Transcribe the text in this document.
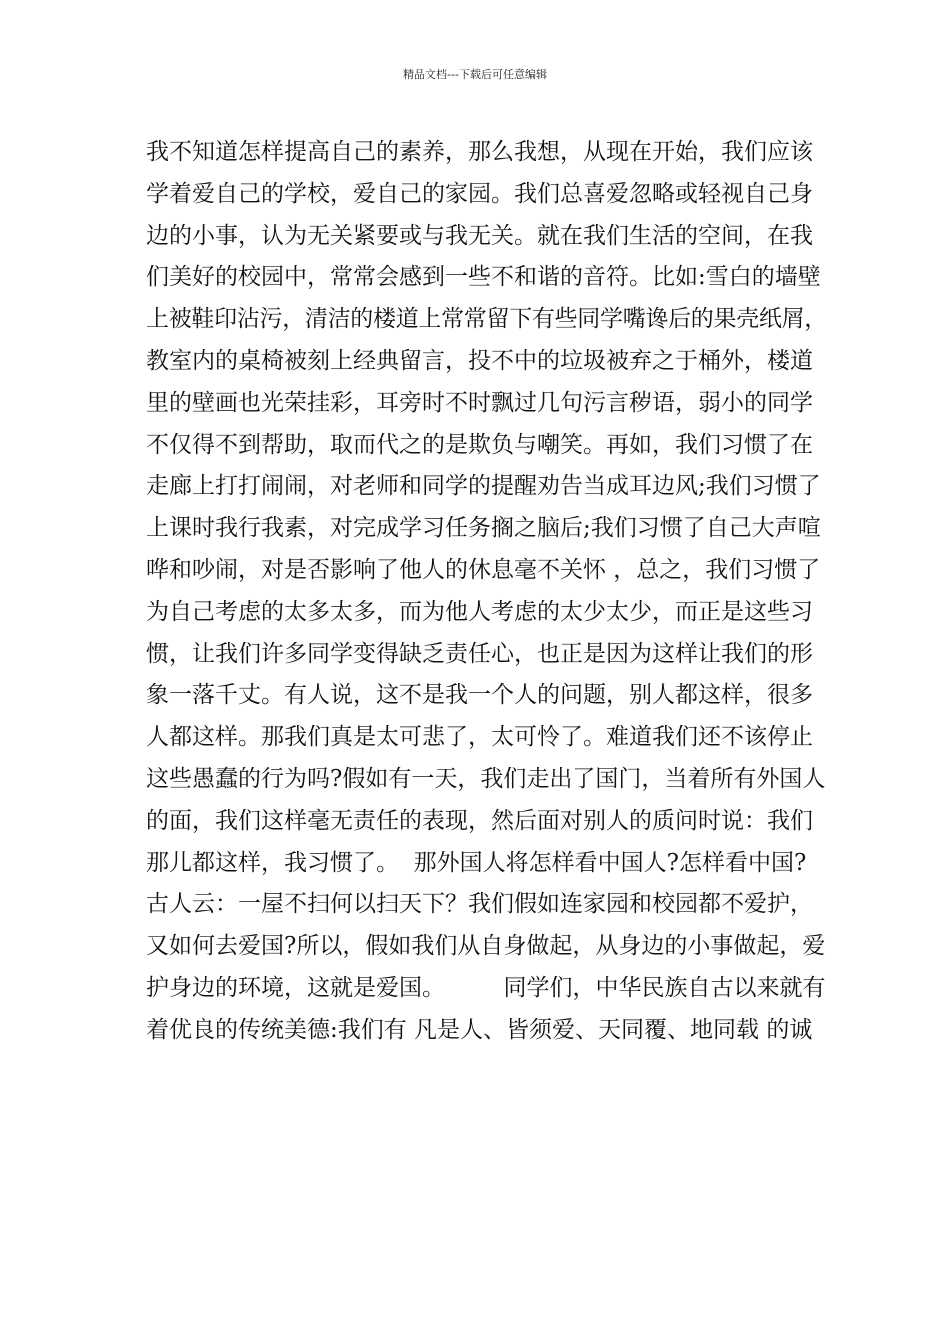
精品文档---下载后可任意编辑
我不知道怎样提高自己的素养，那么我想，从现在开始，我们应该
学着爱自己的学校，爱自己的家园。我们总喜爱忽略或轻视自己身
边的小事，认为无关紧要或与我无关。就在我们生活的空间，在我
们美好的校园中，常常会感到一些不和谐的音符。比如:雪白的墙壁
上被鞋印沾污，清洁的楼道上常常留下有些同学嘴谗后的果壳纸屑，
教室内的桌椅被刻上经典留言，投不中的垃圾被弃之于桶外，楼道
里的壁画也光荣挂彩，耳旁时不时飘过几句污言秽语，弱小的同学
不仅得不到帮助，取而代之的是欺负与嘲笑。再如，我们习惯了在
走廊上打打闹闹，对老师和同学的提醒劝告当成耳边风;我们习惯了
上课时我行我素，对完成学习任务搁之脑后;我们习惯了自己大声喧
哗和吵闹，对是否影响了他人的休息毫不关怀 ，总之，我们习惯了
为自己考虑的太多太多，而为他人考虑的太少太少，而正是这些习
惯，让我们许多同学变得缺乏责任心，也正是因为这样让我们的形
象一落千丈。有人说，这不是我一个人的问题，别人都这样，很多
人都这样。那我们真是太可悲了，太可怜了。难道我们还不该停止
这些愚蠢的行为吗?假如有一天，我们走出了国门，当着所有外国人
的面，我们这样毫无责任的表现，然后面对别人的质问时说：我们
那儿都这样，我习惯了。  那外国人将怎样看中国人?怎样看中国?
古人云：一屋不扫何以扫天下？我们假如连家园和校园都不爱护，
又如何去爱国?所以，假如我们从自身做起，从身边的小事做起，爱
护身边的环境，这就是爱国。        同学们，中华民族自古以来就有
着优良的传统美德:我们有 凡是人、皆须爱、天同覆、地同载 的诚
